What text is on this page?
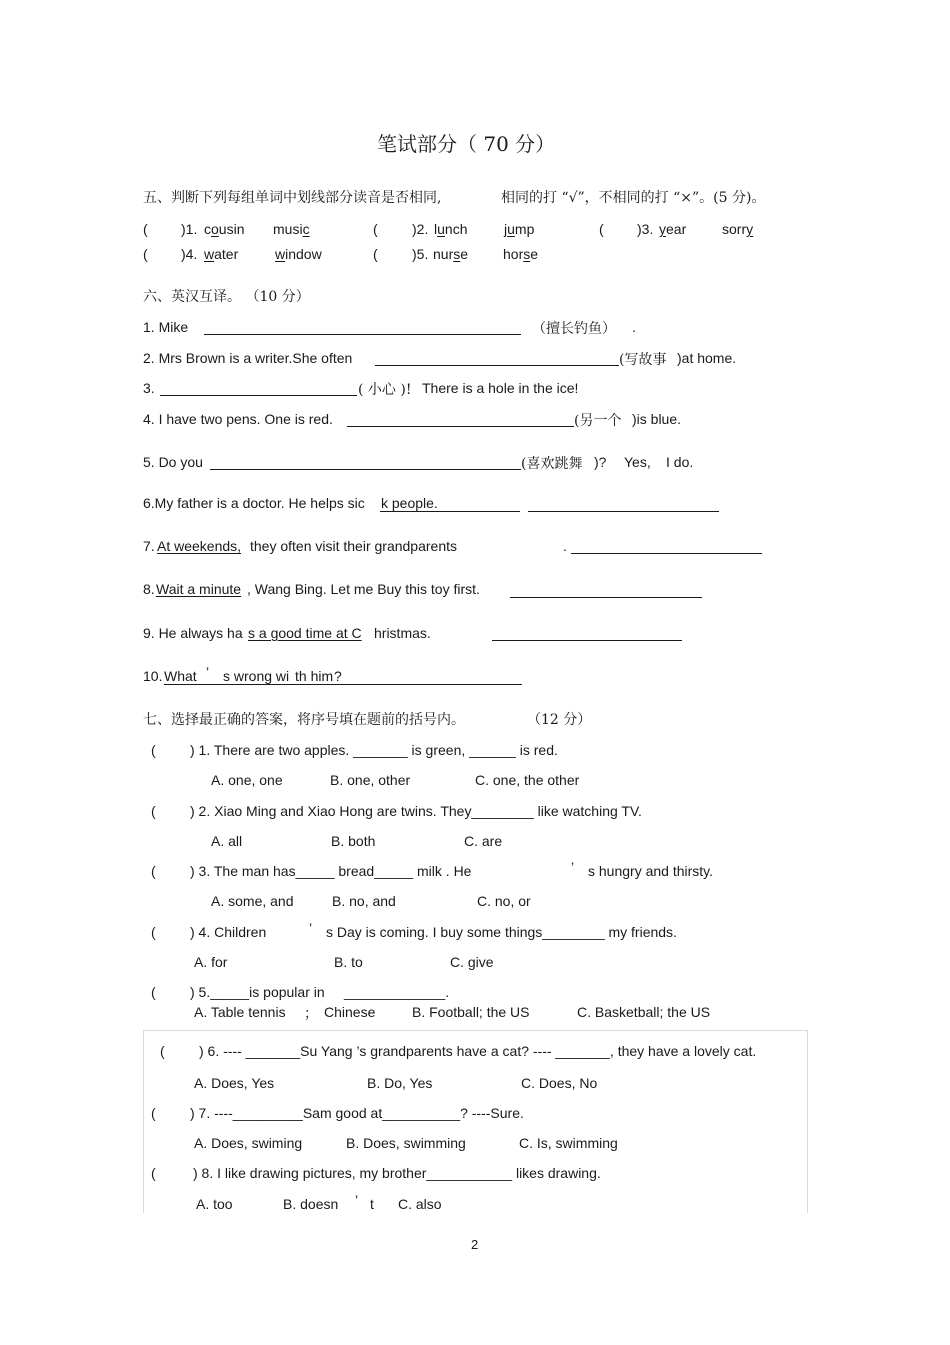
笔试部分（ 70 分）
五、判断下列每组单词中划线部分读音是否相同,	相同的打 “√”，不相同的打 “×”。(5 分)。
( )1. cousin music	( )2. lunch	jump	( )3. year	sorry
( )4. water	window	( )5. nurse horse
六、英汉互译。 （10 分）
1. Mike	（擅长钓鱼） .
2. Mrs Brown is a writer.She often	(写故事 )at home.
3.	( 小心 )! There is a hole in the ice!
4. I have two pens. One is red.	(另一个 )is blue.
5. Do you	(喜欢跳舞 )? Yes, I do.
6.My father is a doctor. He helps sic k people.
7. At weekends, they often visit their grandparents	.
8. Wait a minute , Wang Bing. Let me Buy this toy first.
9. He always ha s a good time at C hristmas.
10. What ’ s wrong wi th him ?
七、选择最正确的答案，将序号填在题前的括号内。	（12 分）
( ) 1. There are two apples. _______ is green, ______ is red.
A. one, one	B. one, other	C. one, the other
( ) 2. Xiao Ming and Xiao Hong are twins. They________ like watching TV.
A. all	B. both	C. are
( ) 3. The man has_____ bread_____ milk . He	’ s hungry and thirsty.
A. some, and	B. no, and	C. no, or
( ) 4. Children	’ s Day is coming. I buy some things________ my friends.
A. for	B. to	C. give
( ) 5._____is popular in _____________.
A. Table tennis ； Chinese	B. Football; the US	C. Basketball; the US
( ) 6. ---- _______Su Yang ’s grandparents have a cat? ---- _______, they have a lovely cat.
A. Does, Yes	B. Do, Yes	C. Does, No
( ) 7. ----_________Sam good at__________? ----Sure.
A. Does, swiming	B. Does, swimming	C. Is, swimming
(	) 8. I like drawing pictures, my brother___________ likes drawing.
A. too	B. doesn ’ t C. also
2
